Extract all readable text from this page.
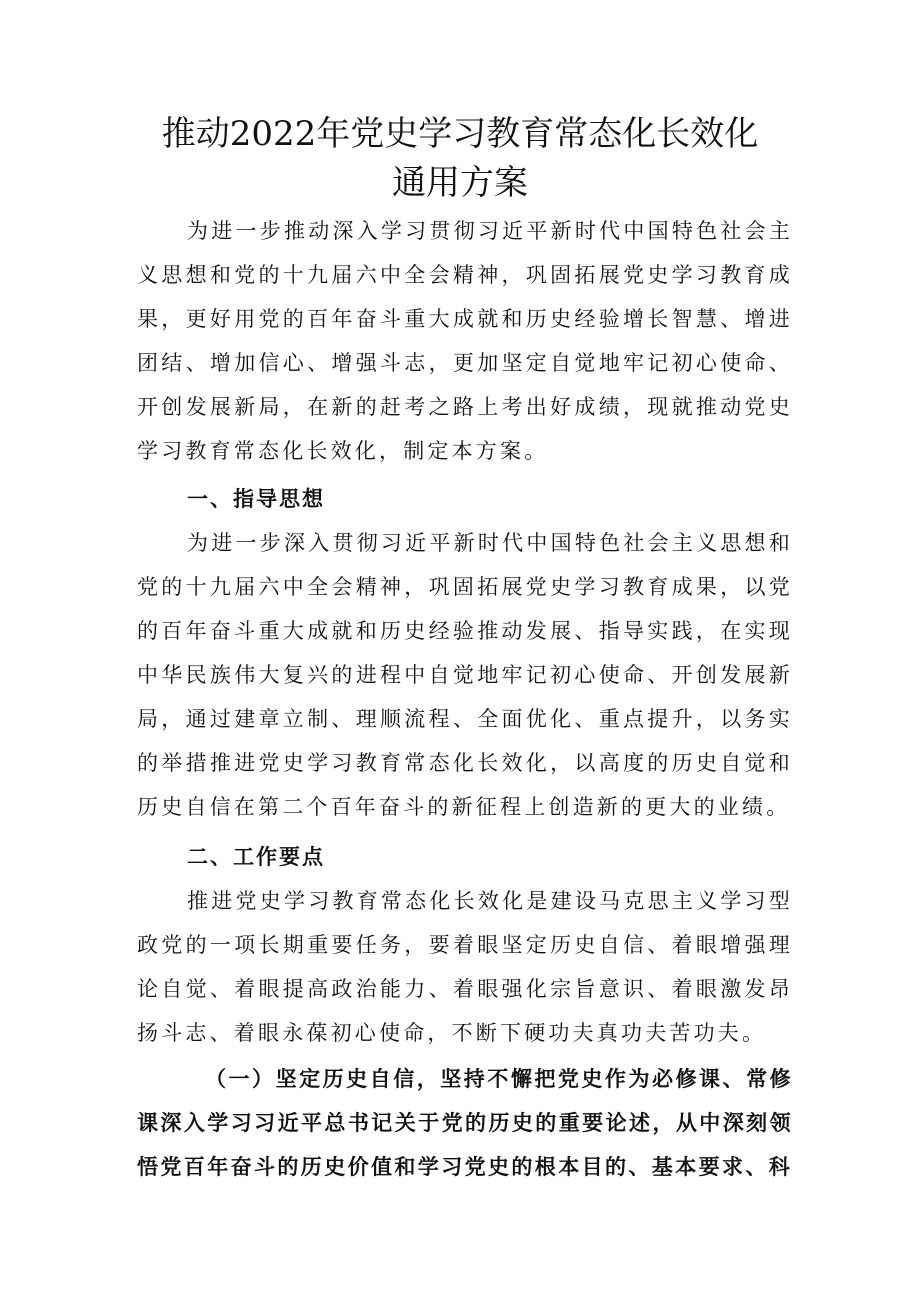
推动2022年党史学习教育常态化长效化
通用方案

为进一步推动深入学习贯彻习近平新时代中国特色社会主义思想和党的十九届六中全会精神，巩固拓展党史学习教育成果，更好用党的百年奋斗重大成就和历史经验增长智慧、增进团结、增加信心、增强斗志，更加坚定自觉地牢记初心使命、开创发展新局，在新的赶考之路上考出好成绩，现就推动党史学习教育常态化长效化，制定本方案。

一、指导思想

为进一步深入贯彻习近平新时代中国特色社会主义思想和党的十九届六中全会精神，巩固拓展党史学习教育成果，以党的百年奋斗重大成就和历史经验推动发展、指导实践，在实现中华民族伟大复兴的进程中自觉地牢记初心使命、开创发展新局，通过建章立制、理顺流程、全面优化、重点提升，以务实的举措推进党史学习教育常态化长效化，以高度的历史自觉和历史自信在第二个百年奋斗的新征程上创造新的更大的业绩。

二、工作要点

推进党史学习教育常态化长效化是建设马克思主义学习型政党的一项长期重要任务，要着眼坚定历史自信、着眼增强理论自觉、着眼提高政治能力、着眼强化宗旨意识、着眼激发昂扬斗志、着眼永葆初心使命，不断下硬功夫真功夫苦功夫。

（一）坚定历史自信，坚持不懈把党史作为必修课、常修课深入学习习近平总书记关于党的历史的重要论述，从中深刻领悟党百年奋斗的历史价值和学习党史的根本目的、基本要求、科
